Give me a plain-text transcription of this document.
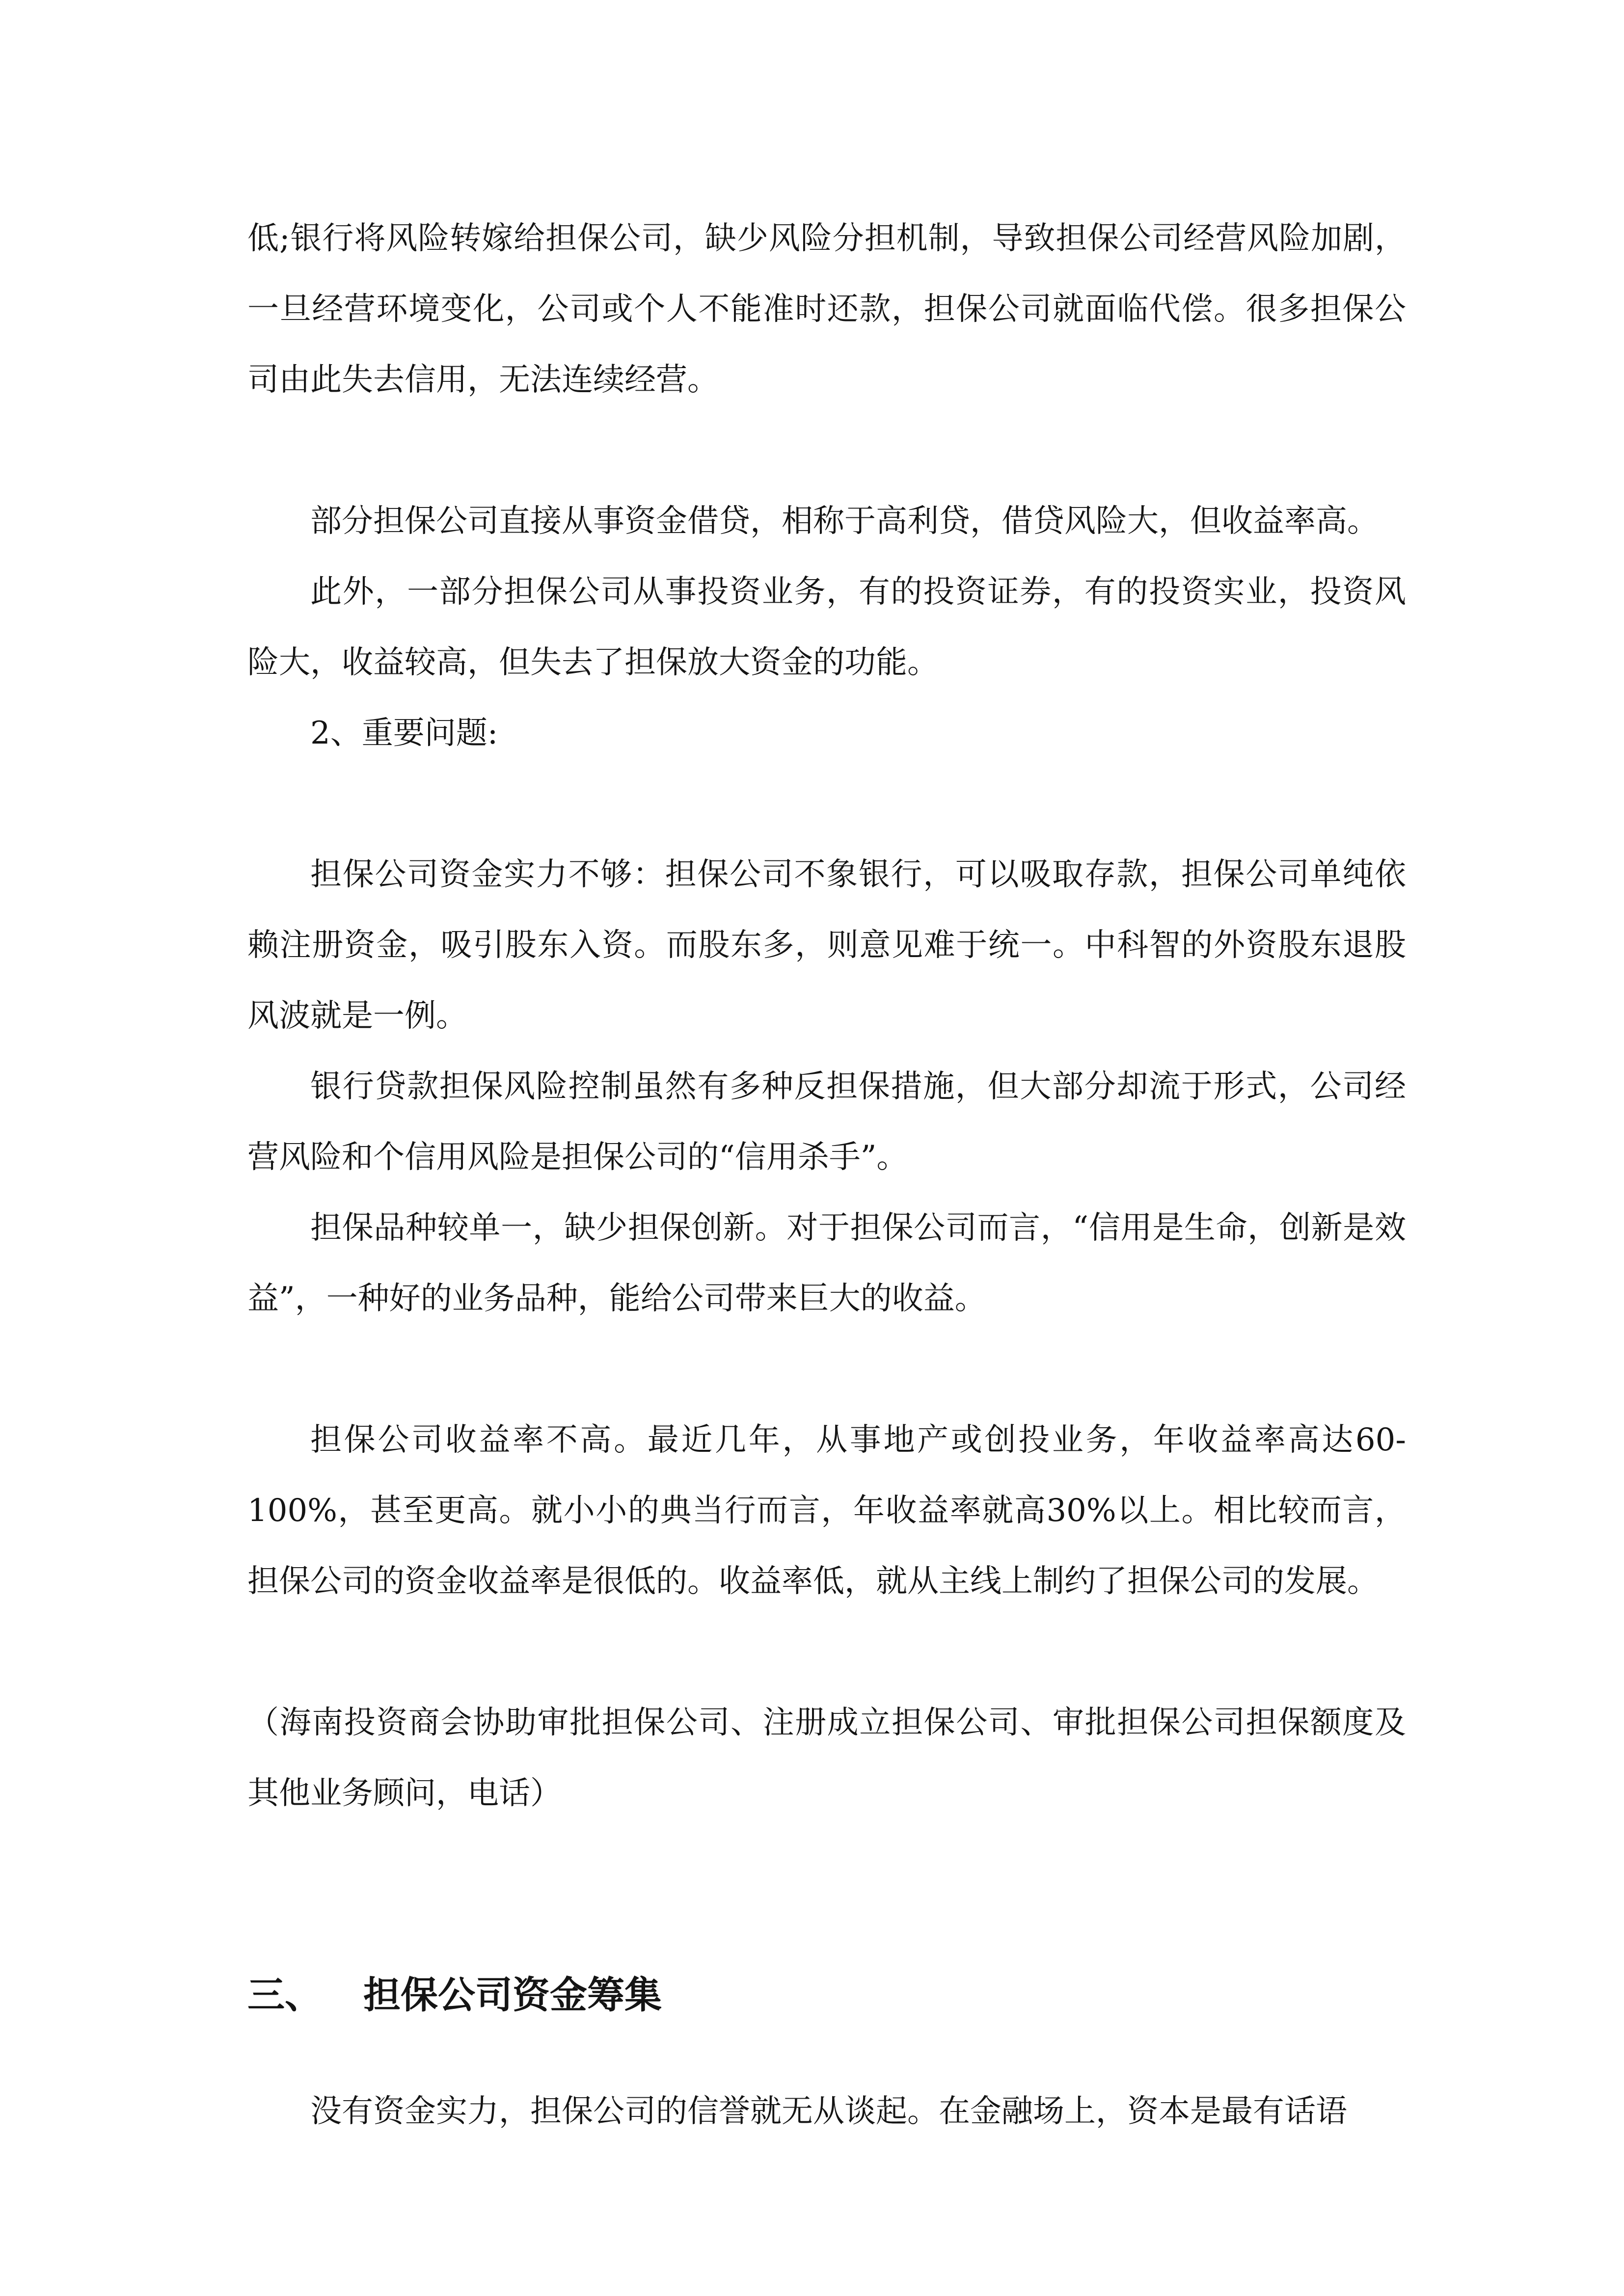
低;银行将风险转嫁给担保公司，缺少风险分担机制，导致担保公司经营风险加剧，一旦经营环境变化，公司或个人不能准时还款，担保公司就面临代偿。很多担保公司由此失去信用，无法连续经营。

部分担保公司直接从事资金借贷，相称于高利贷，借贷风险大，但收益率高。

此外，一部分担保公司从事投资业务，有的投资证券，有的投资实业，投资风险大，收益较高，但失去了担保放大资金的功能。

2、重要问题:

担保公司资金实力不够：担保公司不象银行，可以吸取存款，担保公司单纯依赖注册资金，吸引股东入资。而股东多，则意见难于统一。中科智的外资股东退股风波就是一例。

银行贷款担保风险控制虽然有多种反担保措施，但大部分却流于形式，公司经营风险和个信用风险是担保公司的“信用杀手”。

担保品种较单一，缺少担保创新。对于担保公司而言，“信用是生命，创新是效益”，一种好的业务品种，能给公司带来巨大的收益。

担保公司收益率不高。最近几年，从事地产或创投业务，年收益率高达60-100%，甚至更高。就小小的典当行而言，年收益率就高30%以上。相比较而言，担保公司的资金收益率是很低的。收益率低，就从主线上制约了担保公司的发展。

（海南投资商会协助审批担保公司、注册成立担保公司、审批担保公司担保额度及其他业务顾问，电话）

三、 担保公司资金筹集

没有资金实力，担保公司的信誉就无从谈起。在金融场上，资本是最有话语
